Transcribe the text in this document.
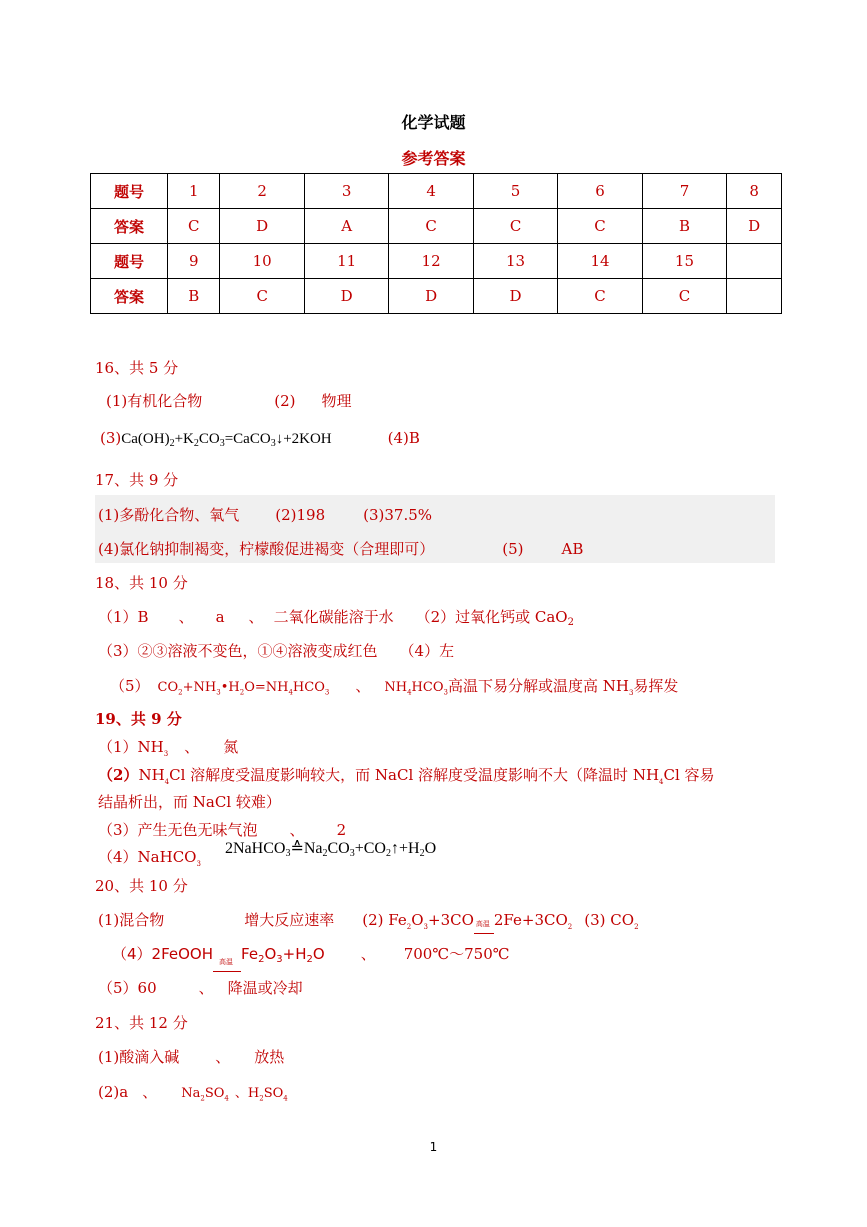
化学试题
参考答案
题号	1	2	3	4	5	6	7	8
答案	C	D	A	C	C	C	B	D
题号	9	10	11	12	13	14	15	
答案	B	C	D	D	D	C	C	
16、共 5 分
(1)有机化合物	(2) 物理
$(3)Ca(OH)_2+K_2CO_3=CaCO_3↓+2KOH$	(4)B
17、共 9 分
(1)多酚化合物、氧气 (2)198	(3)37.5%
(4)氯化钠抑制褐变，柠檬酸促进褐变（合理即可）	(5)	AB
18、共 10 分
（1）B 、 a 、 二氧化碳能溶于水 （2）过氧化钙或 CaO$_2$
（3）②③溶液不变色，①④溶液变成红色 （4）左
（5） $CO_2+NH_3•H_2O=NH_4HCO_3$ 、 $NH_4HCO_3$高温下易分解或温度高 $NH_3$易挥发
19、共 9 分
$(1)NH_3$ 、 氮
$(2)NH_4Cl$ 溶解度受温度影响较大，而 NaCl 溶解度受温度影响不大（降温时 $NH_4Cl$ 容易
结晶析出，而 NaCl 较难）
（3）产生无色无味气泡 、 2
（4）NaHCO$_3$
$2NaHCO_3≙Na_2CO_3+CO_2↑+H_2O$
20、共 10 分
(1)混合物	增大反应速率 (2) $Fe_2O_3+3CO$ 高温 $2Fe+3CO_2$ (3) $CO_2$
（4）2FeOOH 高温 $Fe_2O_3+H_2O$ 、 700℃～750℃
（5）60	、 降温或冷却
21、共 12 分
(1)酸滴入碱 、 放热
(2)a 、 $Na_2SO_4$ 、$H_2SO_4$
1
